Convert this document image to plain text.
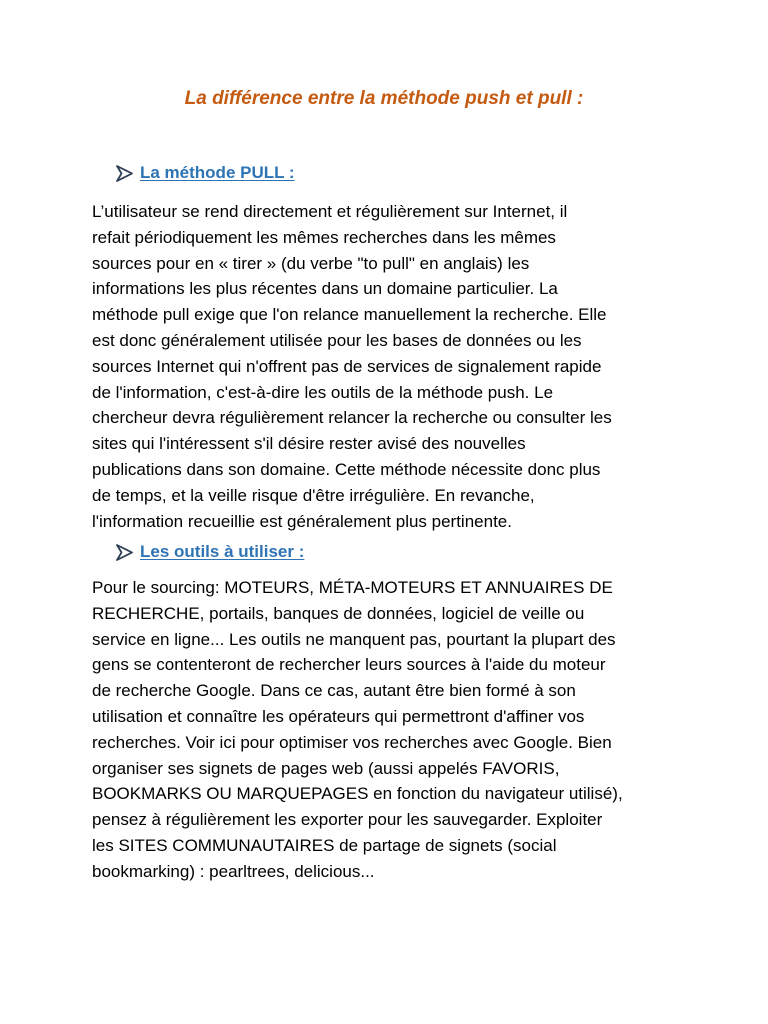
La différence entre la méthode push et pull :
La méthode PULL :
L’utilisateur se rend directement et régulièrement sur Internet, il
refait périodiquement les mêmes recherches dans les mêmes
sources pour en « tirer » (du verbe "to pull" en anglais) les
informations les plus récentes dans un domaine particulier. La
méthode pull exige que l'on relance manuellement la recherche. Elle
est donc généralement utilisée pour les bases de données ou les
sources Internet qui n'offrent pas de services de signalement rapide
de l'information, c'est-à-dire les outils de la méthode push. Le
chercheur devra régulièrement relancer la recherche ou consulter les
sites qui l'intéressent s'il désire rester avisé des nouvelles
publications dans son domaine. Cette méthode nécessite donc plus
de temps, et la veille risque d'être irrégulière. En revanche,
l'information recueillie est généralement plus pertinente.
Les outils à utiliser :
Pour le sourcing: MOTEURS, MÉTA-MOTEURS ET ANNUAIRES DE
RECHERCHE, portails, banques de données, logiciel de veille ou
service en ligne... Les outils ne manquent pas, pourtant la plupart des
gens se contenteront de rechercher leurs sources à l'aide du moteur
de recherche Google. Dans ce cas, autant être bien formé à son
utilisation et connaître les opérateurs qui permettront d'affiner vos
recherches. Voir ici pour optimiser vos recherches avec Google. Bien
organiser ses signets de pages web (aussi appelés FAVORIS,
BOOKMARKS OU MARQUEPAGES en fonction du navigateur utilisé),
pensez à régulièrement les exporter pour les sauvegarder. Exploiter
les SITES COMMUNAUTAIRES de partage de signets (social
bookmarking) : pearltrees, delicious...
